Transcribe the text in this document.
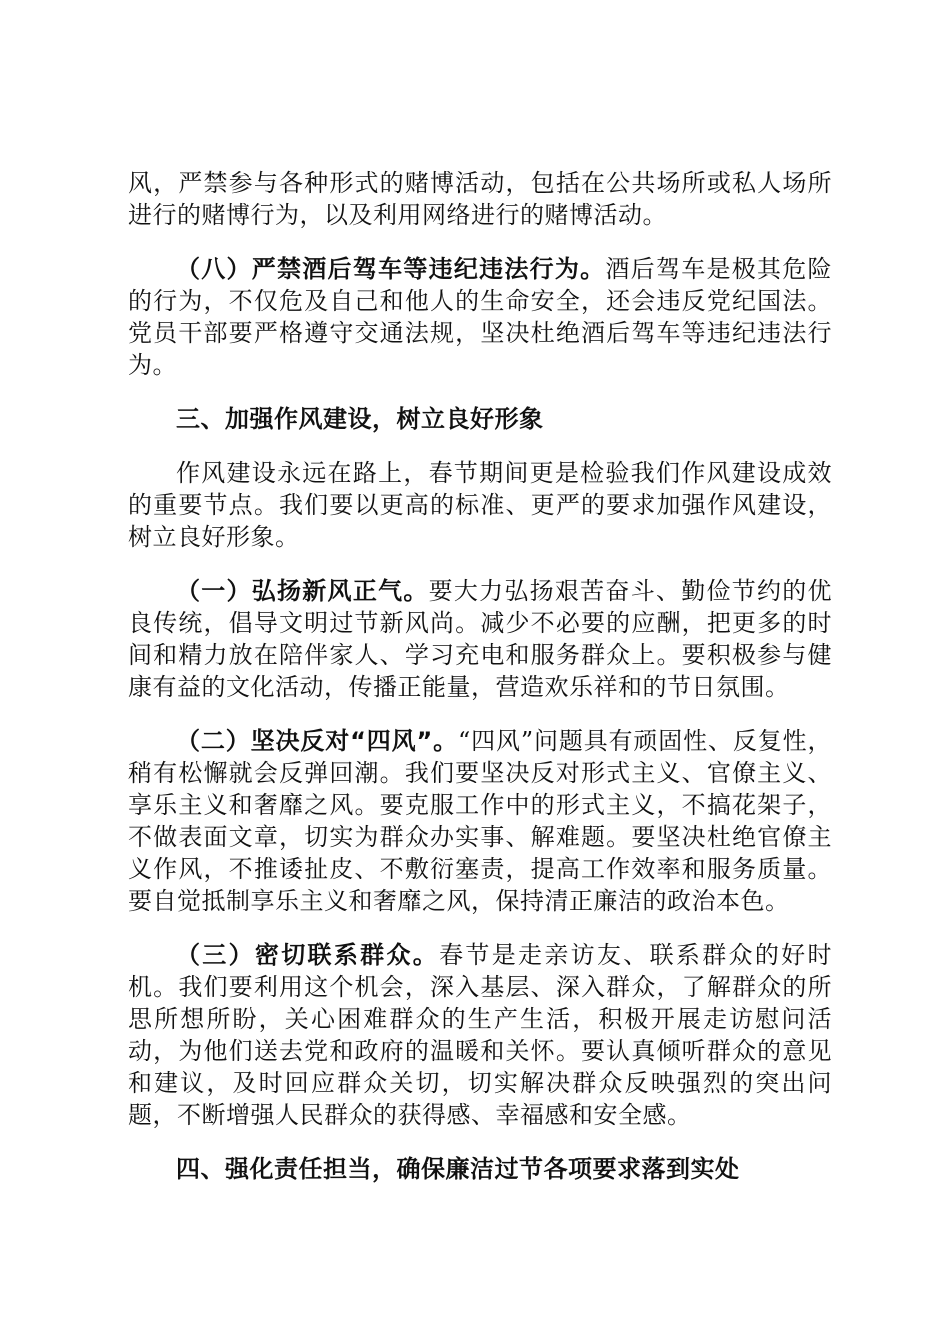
风，严禁参与各种形式的赌博活动，包括在公共场所或私人场所进行的赌博行为，以及利用网络进行的赌博活动。

（八）严禁酒后驾车等违纪违法行为。酒后驾车是极其危险的行为，不仅危及自己和他人的生命安全，还会违反党纪国法。党员干部要严格遵守交通法规，坚决杜绝酒后驾车等违纪违法行为。

三、加强作风建设，树立良好形象

作风建设永远在路上，春节期间更是检验我们作风建设成效的重要节点。我们要以更高的标准、更严的要求加强作风建设，树立良好形象。

（一）弘扬新风正气。要大力弘扬艰苦奋斗、勤俭节约的优良传统，倡导文明过节新风尚。减少不必要的应酬，把更多的时间和精力放在陪伴家人、学习充电和服务群众上。要积极参与健康有益的文化活动，传播正能量，营造欢乐祥和的节日氛围。

（二）坚决反对“四风”。“四风”问题具有顽固性、反复性，稍有松懈就会反弹回潮。我们要坚决反对形式主义、官僚主义、享乐主义和奢靡之风。要克服工作中的形式主义，不搞花架子，不做表面文章，切实为群众办实事、解难题。要坚决杜绝官僚主义作风，不推诿扯皮、不敷衍塞责，提高工作效率和服务质量。要自觉抵制享乐主义和奢靡之风，保持清正廉洁的政治本色。

（三）密切联系群众。春节是走亲访友、联系群众的好时机。我们要利用这个机会，深入基层、深入群众，了解群众的所思所想所盼，关心困难群众的生产生活，积极开展走访慰问活动，为他们送去党和政府的温暖和关怀。要认真倾听群众的意见和建议，及时回应群众关切，切实解决群众反映强烈的突出问题，不断增强人民群众的获得感、幸福感和安全感。

四、强化责任担当，确保廉洁过节各项要求落到实处
